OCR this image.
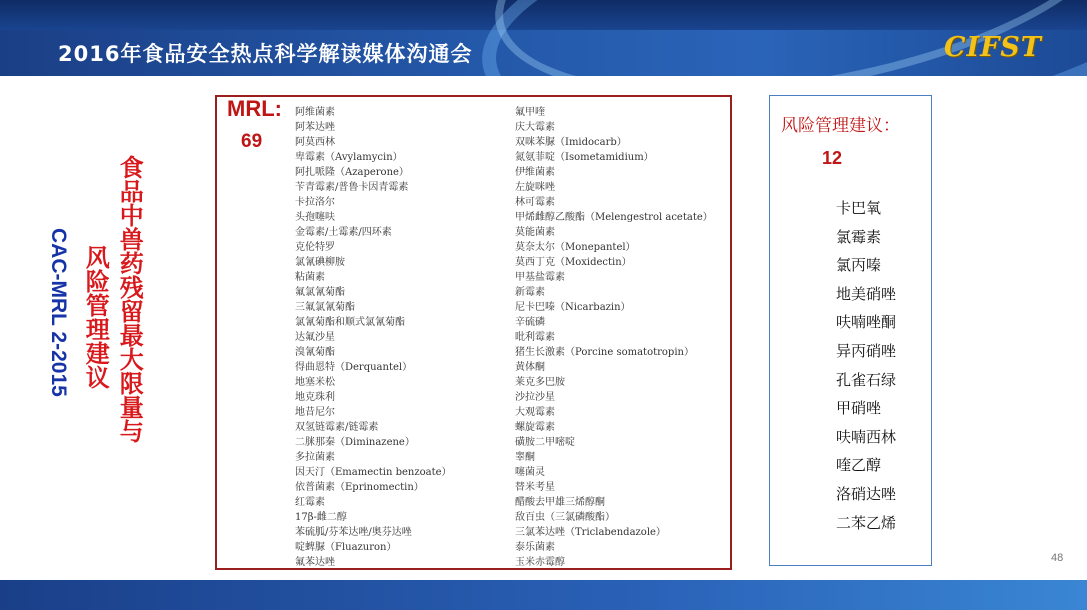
2016年食品安全热点科学解读媒体沟通会	CIFST
CAC-MRL 2-2015 风险管理建议 食品中兽药残留最大限量与
MRL:
69
阿维菌素
阿苯达唑
阿莫西林
卑霉素（Avylamycin）
阿扎哌隆（Azaperone）
苄青霉素/普鲁卡因青霉素
卡拉洛尔
头孢噻呋
金霉素/土霉素/四环素
克伦特罗
氯氰碘柳胺
粘菌素
氟氯氰菊酯
三氟氯氰菊酯
氯氰菊酯和顺式氯氰菊酯
达氟沙星
溴氰菊酯
得曲恩特（Derquantel）
地塞米松
地克珠利
地昔尼尔
双氢链霉素/链霉素
二脒那秦（Diminazene）
多拉菌素
因天汀（Emamectin benzoate）
依普菌素（Eprinomectin）
红霉素
17β-雌二醇
苯硫胍/芬苯达唑/奥芬达唑
啶蜱脲（Fluazuron）
氟苯达唑
氟甲喹
庆大霉素
双咪苯脲（Imidocarb）
氮氨菲啶（Isometamidium）
伊维菌素
左旋咪唑
林可霉素
甲烯雌醇乙酸酯（Melengestrol acetate）
莫能菌素
莫奈太尔（Monepantel）
莫西丁克（Moxidectin）
甲基盐霉素
新霉素
尼卡巴嗪（Nicarbazin）
辛硫磷
吡利霉素
猪生长激素（Porcine somatotropin）
黄体酮
莱克多巴胺
沙拉沙星
大观霉素
螺旋霉素
磺胺二甲嘧啶
睾酮
噻菌灵
替米考星
醋酸去甲雄三烯醇酮
敌百虫（三氯磷酸酯）
三氯苯达唑（Triclabendazole）
泰乐菌素
玉米赤霉醇
风险管理建议：
12
卡巴氧
氯霉素
氯丙嗪
地美硝唑
呋喃唑酮
异丙硝唑
孔雀石绿
甲硝唑
呋喃西林
喹乙醇
洛硝达唑
二苯乙烯
48
